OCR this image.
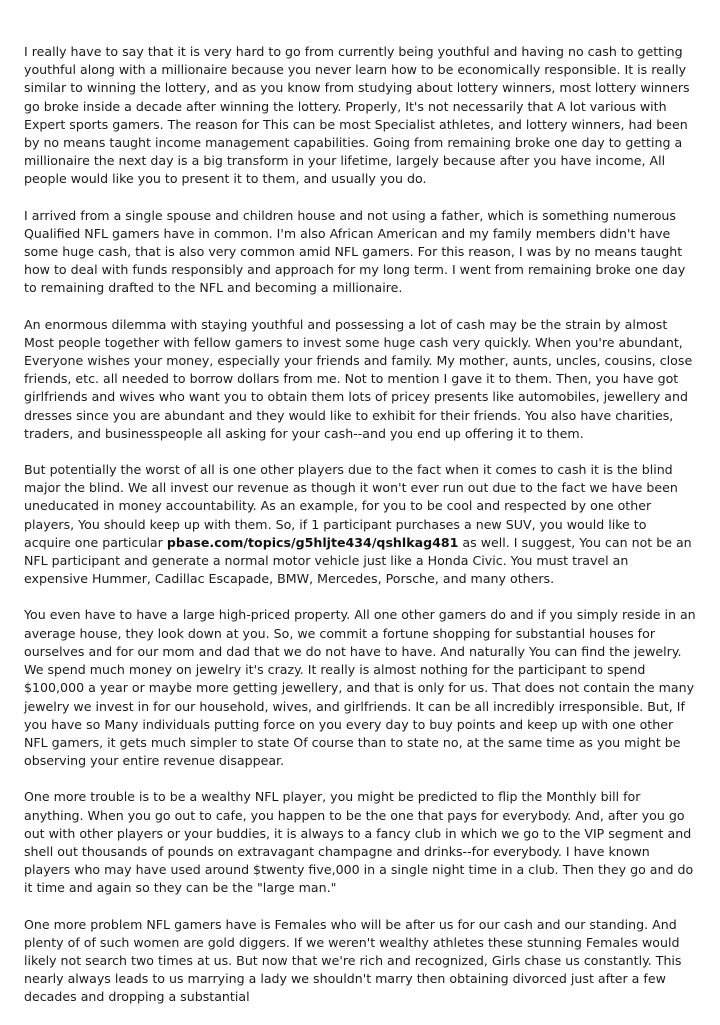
I really have to say that it is very hard to go from currently being youthful and having no cash to getting youthful along with a millionaire because you never learn how to be economically responsible. It is really similar to winning the lottery, and as you know from studying about lottery winners, most lottery winners go broke inside a decade after winning the lottery. Properly, It's not necessarily that A lot various with Expert sports gamers. The reason for This can be most Specialist athletes, and lottery winners, had been by no means taught income management capabilities. Going from remaining broke one day to getting a millionaire the next day is a big transform in your lifetime, largely because after you have income, All people would like you to present it to them, and usually you do.

I arrived from a single spouse and children house and not using a father, which is something numerous Qualified NFL gamers have in common. I'm also African American and my family members didn't have some huge cash, that is also very common amid NFL gamers. For this reason, I was by no means taught how to deal with funds responsibly and approach for my long term. I went from remaining broke one day to remaining drafted to the NFL and becoming a millionaire.

An enormous dilemma with staying youthful and possessing a lot of cash may be the strain by almost Most people together with fellow gamers to invest some huge cash very quickly. When you're abundant, Everyone wishes your money, especially your friends and family. My mother, aunts, uncles, cousins, close friends, etc. all needed to borrow dollars from me. Not to mention I gave it to them. Then, you have got girlfriends and wives who want you to obtain them lots of pricey presents like automobiles, jewellery and dresses since you are abundant and they would like to exhibit for their friends. You also have charities, traders, and businesspeople all asking for your cash--and you end up offering it to them.

But potentially the worst of all is one other players due to the fact when it comes to cash it is the blind major the blind. We all invest our revenue as though it won't ever run out due to the fact we have been uneducated in money accountability. As an example, for you to be cool and respected by one other players, You should keep up with them. So, if 1 participant purchases a new SUV, you would like to acquire one particular pbase.com/topics/g5hljte434/qshlkag481 as well. I suggest, You can not be an NFL participant and generate a normal motor vehicle just like a Honda Civic. You must travel an expensive Hummer, Cadillac Escapade, BMW, Mercedes, Porsche, and many others.

You even have to have a large high-priced property. All one other gamers do and if you simply reside in an average house, they look down at you. So, we commit a fortune shopping for substantial houses for ourselves and for our mom and dad that we do not have to have. And naturally You can find the jewelry. We spend much money on jewelry it's crazy. It really is almost nothing for the participant to spend $100,000 a year or maybe more getting jewellery, and that is only for us. That does not contain the many jewelry we invest in for our household, wives, and girlfriends. It can be all incredibly irresponsible. But, If you have so Many individuals putting force on you every day to buy points and keep up with one other NFL gamers, it gets much simpler to state Of course than to state no, at the same time as you might be observing your entire revenue disappear.

One more trouble is to be a wealthy NFL player, you might be predicted to flip the Monthly bill for anything. When you go out to cafe, you happen to be the one that pays for everybody. And, after you go out with other players or your buddies, it is always to a fancy club in which we go to the VIP segment and shell out thousands of pounds on extravagant champagne and drinks--for everybody. I have known players who may have used around $twenty five,000 in a single night time in a club. Then they go and do it time and again so they can be the "large man."

One more problem NFL gamers have is Females who will be after us for our cash and our standing. And plenty of of such women are gold diggers. If we weren't wealthy athletes these stunning Females would likely not search two times at us. But now that we're rich and recognized, Girls chase us constantly. This nearly always leads to us marrying a lady we shouldn't marry then obtaining divorced just after a few decades and dropping a substantial
